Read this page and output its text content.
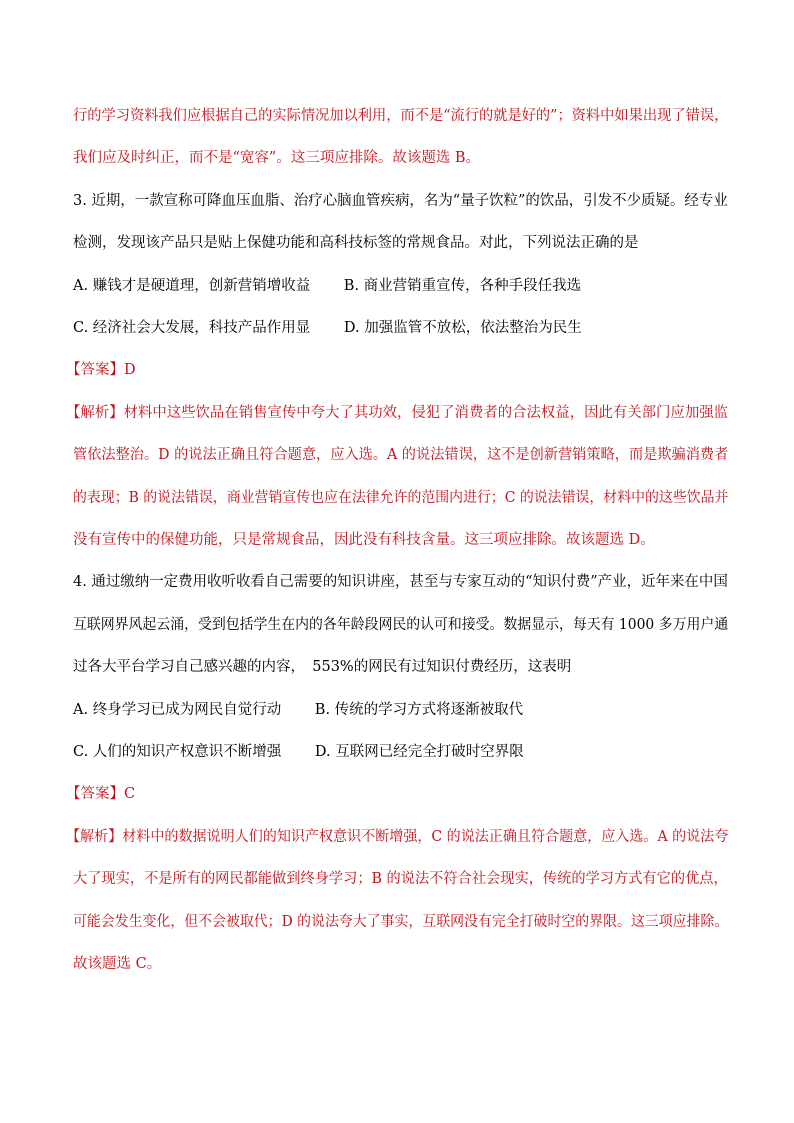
行的学习资料我们应根据自己的实际情况加以利用，而不是“流行的就是好的”；资料中如果出现了错误，
我们应及时纠正，而不是“宽容”。这三项应排除。故该题选 B。
3. 近期，一款宣称可降血压血脂、治疗心脑血管疾病，名为“量子饮粒”的饮品，引发不少质疑。经专业
检测，发现该产品只是贴上保健功能和高科技标签的常规食品。对此，下列说法正确的是
A. 赚钱才是硬道理，创新营销增收益 　　B. 商业营销重宣传，各种手段任我选
C. 经济社会大发展，科技产品作用显 　　D. 加强监管不放松，依法整治为民生
【答案】D
【解析】材料中这些饮品在销售宣传中夸大了其功效，侵犯了消费者的合法权益，因此有关部门应加强监
管依法整治。D 的说法正确且符合题意，应入选。A 的说法错误，这不是创新营销策略，而是欺骗消费者
的表现；B 的说法错误，商业营销宣传也应在法律允许的范围内进行；C 的说法错误，材料中的这些饮品并
没有宣传中的保健功能，只是常规食品，因此没有科技含量。这三项应排除。故该题选 D。
4. 通过缴纳一定费用收听收看自己需要的知识讲座，甚至与专家互动的“知识付费”产业，近年来在中国
互联网界风起云涌，受到包括学生在内的各年龄段网民的认可和接受。数据显示，每天有 1000 多万用户通
过各大平台学习自己感兴趣的内容，　553%的网民有过知识付费经历，这表明
A. 终身学习已成为网民自觉行动 　　B. 传统的学习方式将逐渐被取代
C. 人们的知识产权意识不断增强 　　D. 互联网已经完全打破时空界限
【答案】C
【解析】材料中的数据说明人们的知识产权意识不断增强，C 的说法正确且符合题意，应入选。A 的说法夸
大了现实，不是所有的网民都能做到终身学习；B 的说法不符合社会现实，传统的学习方式有它的优点，
可能会发生变化，但不会被取代；D 的说法夸大了事实，互联网没有完全打破时空的界限。这三项应排除。
故该题选 C。
